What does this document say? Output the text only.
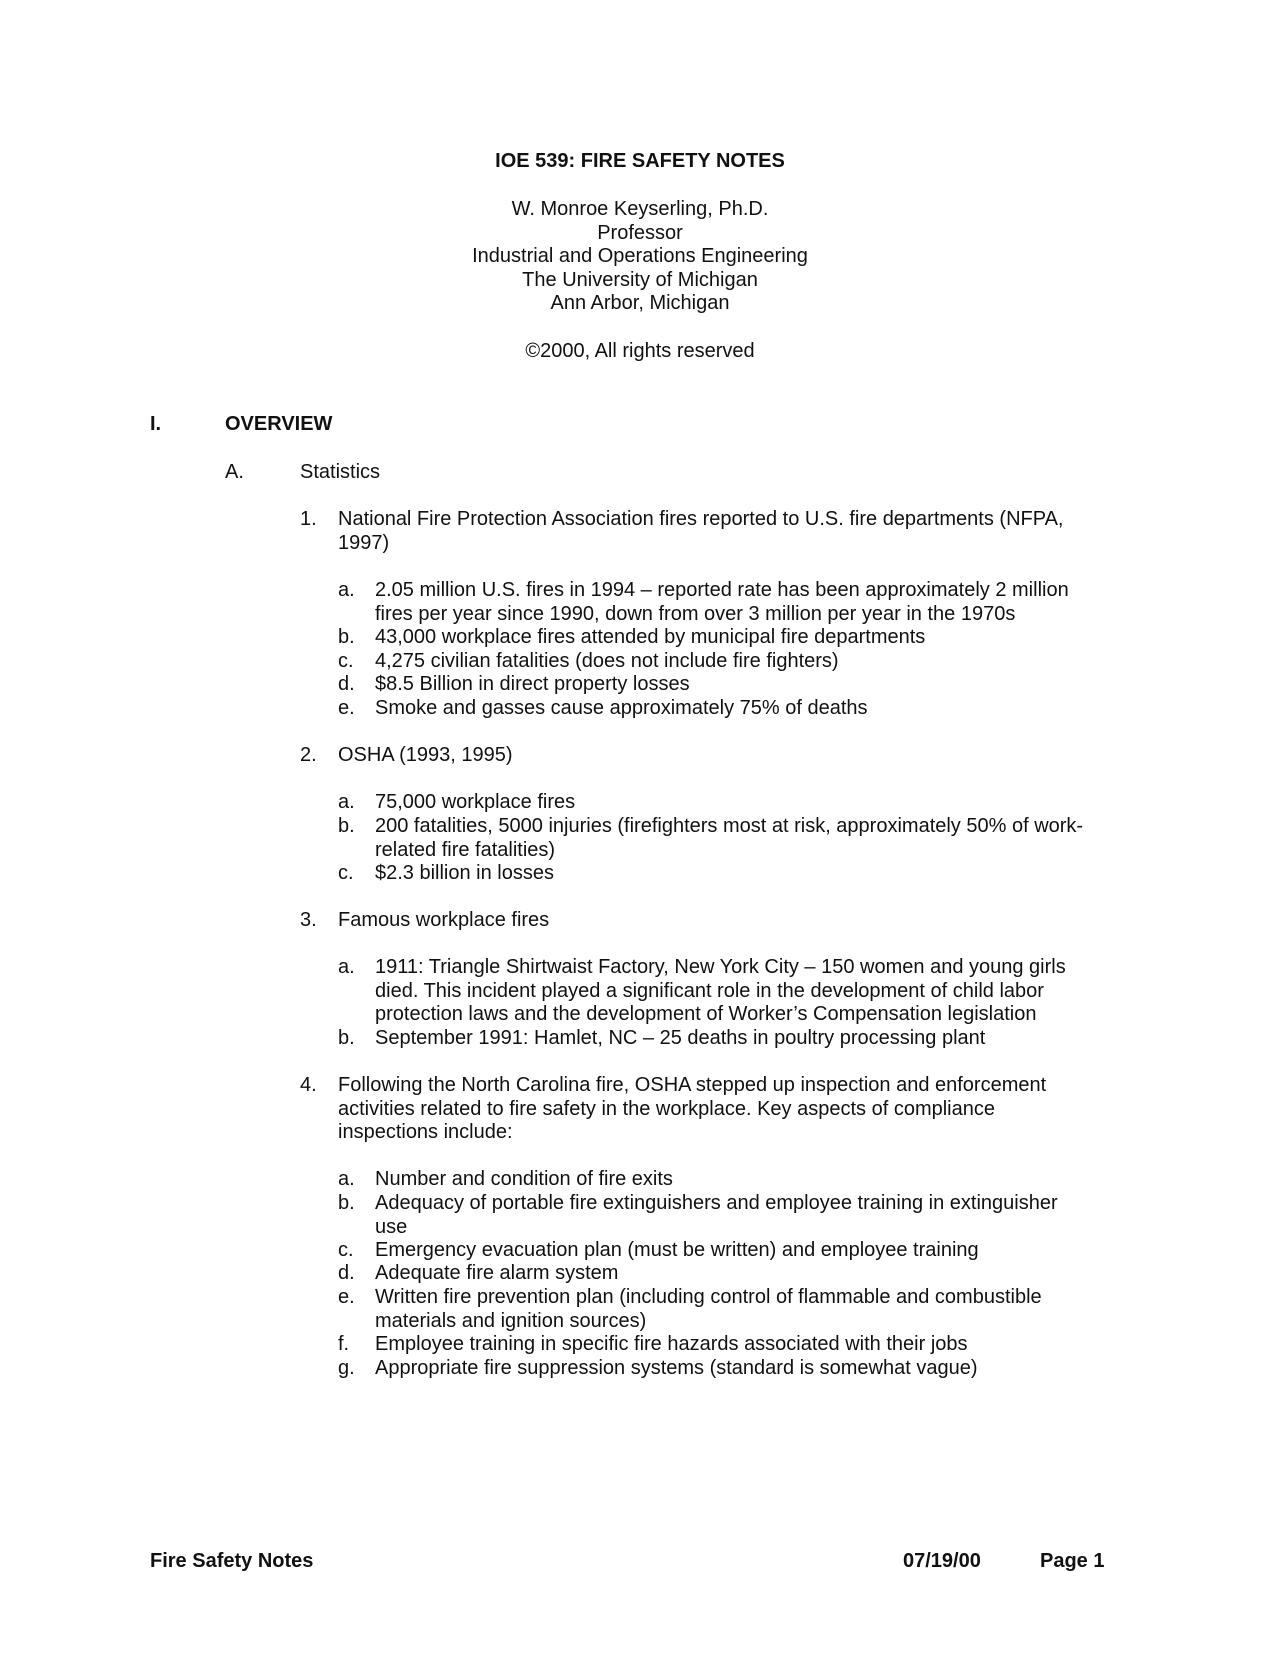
IOE 539: FIRE SAFETY NOTES
W. Monroe Keyserling, Ph.D.
Professor
Industrial and Operations Engineering
The University of Michigan
Ann Arbor, Michigan
©2000, All rights reserved
I.	OVERVIEW
A.	Statistics
1. National Fire Protection Association fires reported to U.S. fire departments (NFPA,
1997)
a. 2.05 million U.S. fires in 1994 – reported rate has been approximately 2 million
fires per year since 1990, down from over 3 million per year in the 1970s
b. 43,000 workplace fires attended by municipal fire departments
c. 4,275 civilian fatalities (does not include fire fighters)
d. $8.5 Billion in direct property losses
e. Smoke and gasses cause approximately 75% of deaths
2. OSHA (1993, 1995)
a. 75,000 workplace fires
b. 200 fatalities, 5000 injuries (firefighters most at risk, approximately 50% of work-
related fire fatalities)
c. $2.3 billion in losses
3. Famous workplace fires
a. 1911: Triangle Shirtwaist Factory, New York City – 150 women and young girls
died. This incident played a significant role in the development of child labor
protection laws and the development of Worker’s Compensation legislation
b. September 1991: Hamlet, NC – 25 deaths in poultry processing plant
4. Following the North Carolina fire, OSHA stepped up inspection and enforcement
activities related to fire safety in the workplace. Key aspects of compliance
inspections include:
a. Number and condition of fire exits
b. Adequacy of portable fire extinguishers and employee training in extinguisher
use
c. Emergency evacuation plan (must be written) and employee training
d. Adequate fire alarm system
e. Written fire prevention plan (including control of flammable and combustible
materials and ignition sources)
f. Employee training in specific fire hazards associated with their jobs
g. Appropriate fire suppression systems (standard is somewhat vague)
Fire Safety Notes	07/19/00	Page 1
